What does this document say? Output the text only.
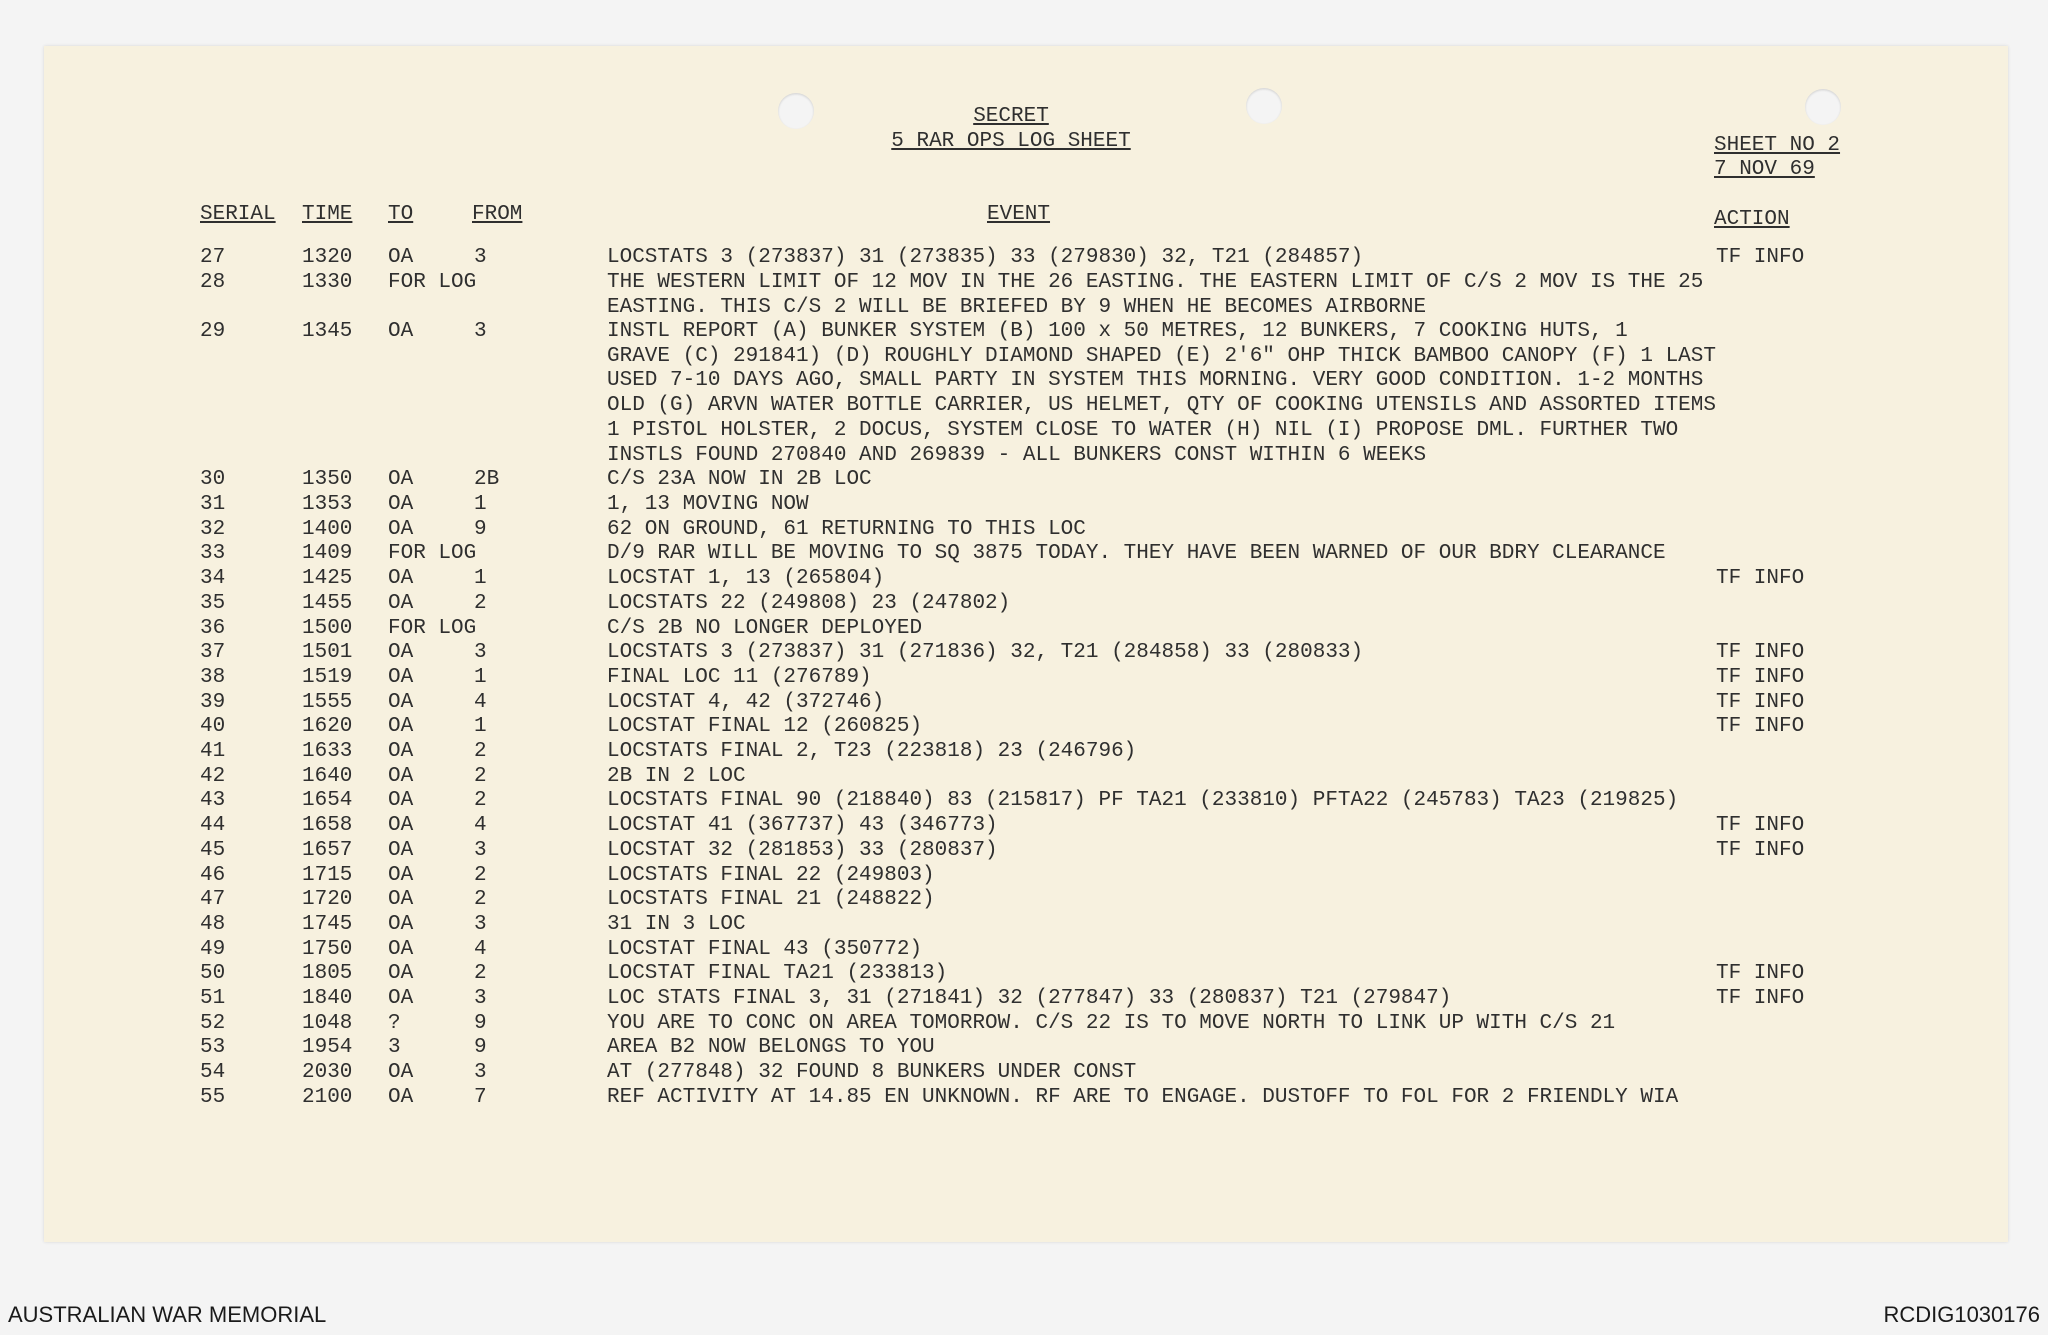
SECRET
5 RAR OPS LOG SHEET	SHEET NO 2
7 NOV 69
SERIAL TIME TO	FROM	EVENT	ACTION
27	1320 OA	3	LOCSTATS 3 (273837) 31 (273835) 33 (279830) 32, T21 (284857)	TF INFO
28	1330 FOR LOG	THE WESTERN LIMIT OF 12 MOV IN THE 26 EASTING. THE EASTERN LIMIT OF C/S 2 MOV IS THE 25
EASTING. THIS C/S 2 WILL BE BRIEFED BY 9 WHEN HE BECOMES AIRBORNE
29	1345 OA	3	INSTL REPORT (A) BUNKER SYSTEM (B) 100 x 50 METRES, 12 BUNKERS, 7 COOKING HUTS, 1
GRAVE (C) 291841) (D) ROUGHLY DIAMOND SHAPED (E) 2'6" OHP THICK BAMBOO CANOPY (F) 1 LAST
USED 7-10 DAYS AGO, SMALL PARTY IN SYSTEM THIS MORNING. VERY GOOD CONDITION. 1-2 MONTHS
OLD (G) ARVN WATER BOTTLE CARRIER, US HELMET, QTY OF COOKING UTENSILS AND ASSORTED ITEMS
1 PISTOL HOLSTER, 2 DOCUS, SYSTEM CLOSE TO WATER (H) NIL (I) PROPOSE DML. FURTHER TWO
INSTLS FOUND 270840 AND 269839 - ALL BUNKERS CONST WITHIN 6 WEEKS
30	1350 OA	2B	C/S 23A NOW IN 2B LOC
31	1353 OA	1	1, 13 MOVING NOW
32	1400 OA	9	62 ON GROUND, 61 RETURNING TO THIS LOC
33	1409 FOR LOG	D/9 RAR WILL BE MOVING TO SQ 3875 TODAY. THEY HAVE BEEN WARNED OF OUR BDRY CLEARANCE
34	1425 OA	1	LOCSTAT 1, 13 (265804)	TF INFO
35	1455 OA	2	LOCSTATS 22 (249808) 23 (247802)
36	1500 FOR LOG	C/S 2B NO LONGER DEPLOYED
37	1501 OA	3	LOCSTATS 3 (273837) 31 (271836) 32, T21 (284858) 33 (280833)	TF INFO
38	1519 OA	1	FINAL LOC 11 (276789)	TF INFO
39	1555 OA	4	LOCSTAT 4, 42 (372746)	TF INFO
40	1620 OA	1	LOCSTAT FINAL 12 (260825)	TF INFO
41	1633 OA	2	LOCSTATS FINAL 2, T23 (223818) 23 (246796)
42	1640 OA	2	2B IN 2 LOC
43	1654 OA	2	LOCSTATS FINAL 90 (218840) 83 (215817) PF TA21 (233810) PFTA22 (245783) TA23 (219825)
44	1658 OA	4	LOCSTAT 41 (367737) 43 (346773)	TF INFO
45	1657 OA	3	LOCSTAT 32 (281853) 33 (280837)	TF INFO
46	1715 OA	2	LOCSTATS FINAL 22 (249803)
47	1720 OA	2	LOCSTATS FINAL 21 (248822)
48	1745 OA	3	31 IN 3 LOC
49	1750 OA	4	LOCSTAT FINAL 43 (350772)
50	1805 OA	2	LOCSTAT FINAL TA21 (233813)	TF INFO
51	1840 OA	3	LOC STATS FINAL 3, 31 (271841) 32 (277847) 33 (280837) T21 (279847)	TF INFO
52	1048 ?	9	YOU ARE TO CONC ON AREA TOMORROW. C/S 22 IS TO MOVE NORTH TO LINK UP WITH C/S 21
53	1954 3	9	AREA B2 NOW BELONGS TO YOU
54	2030 OA	3	AT (277848) 32 FOUND 8 BUNKERS UNDER CONST
55	2100 OA	7	REF ACTIVITY AT 14.85 EN UNKNOWN. RF ARE TO ENGAGE. DUSTOFF TO FOL FOR 2 FRIENDLY WIA
AUSTRALIAN WAR MEMORIAL	RCDIG1030176
